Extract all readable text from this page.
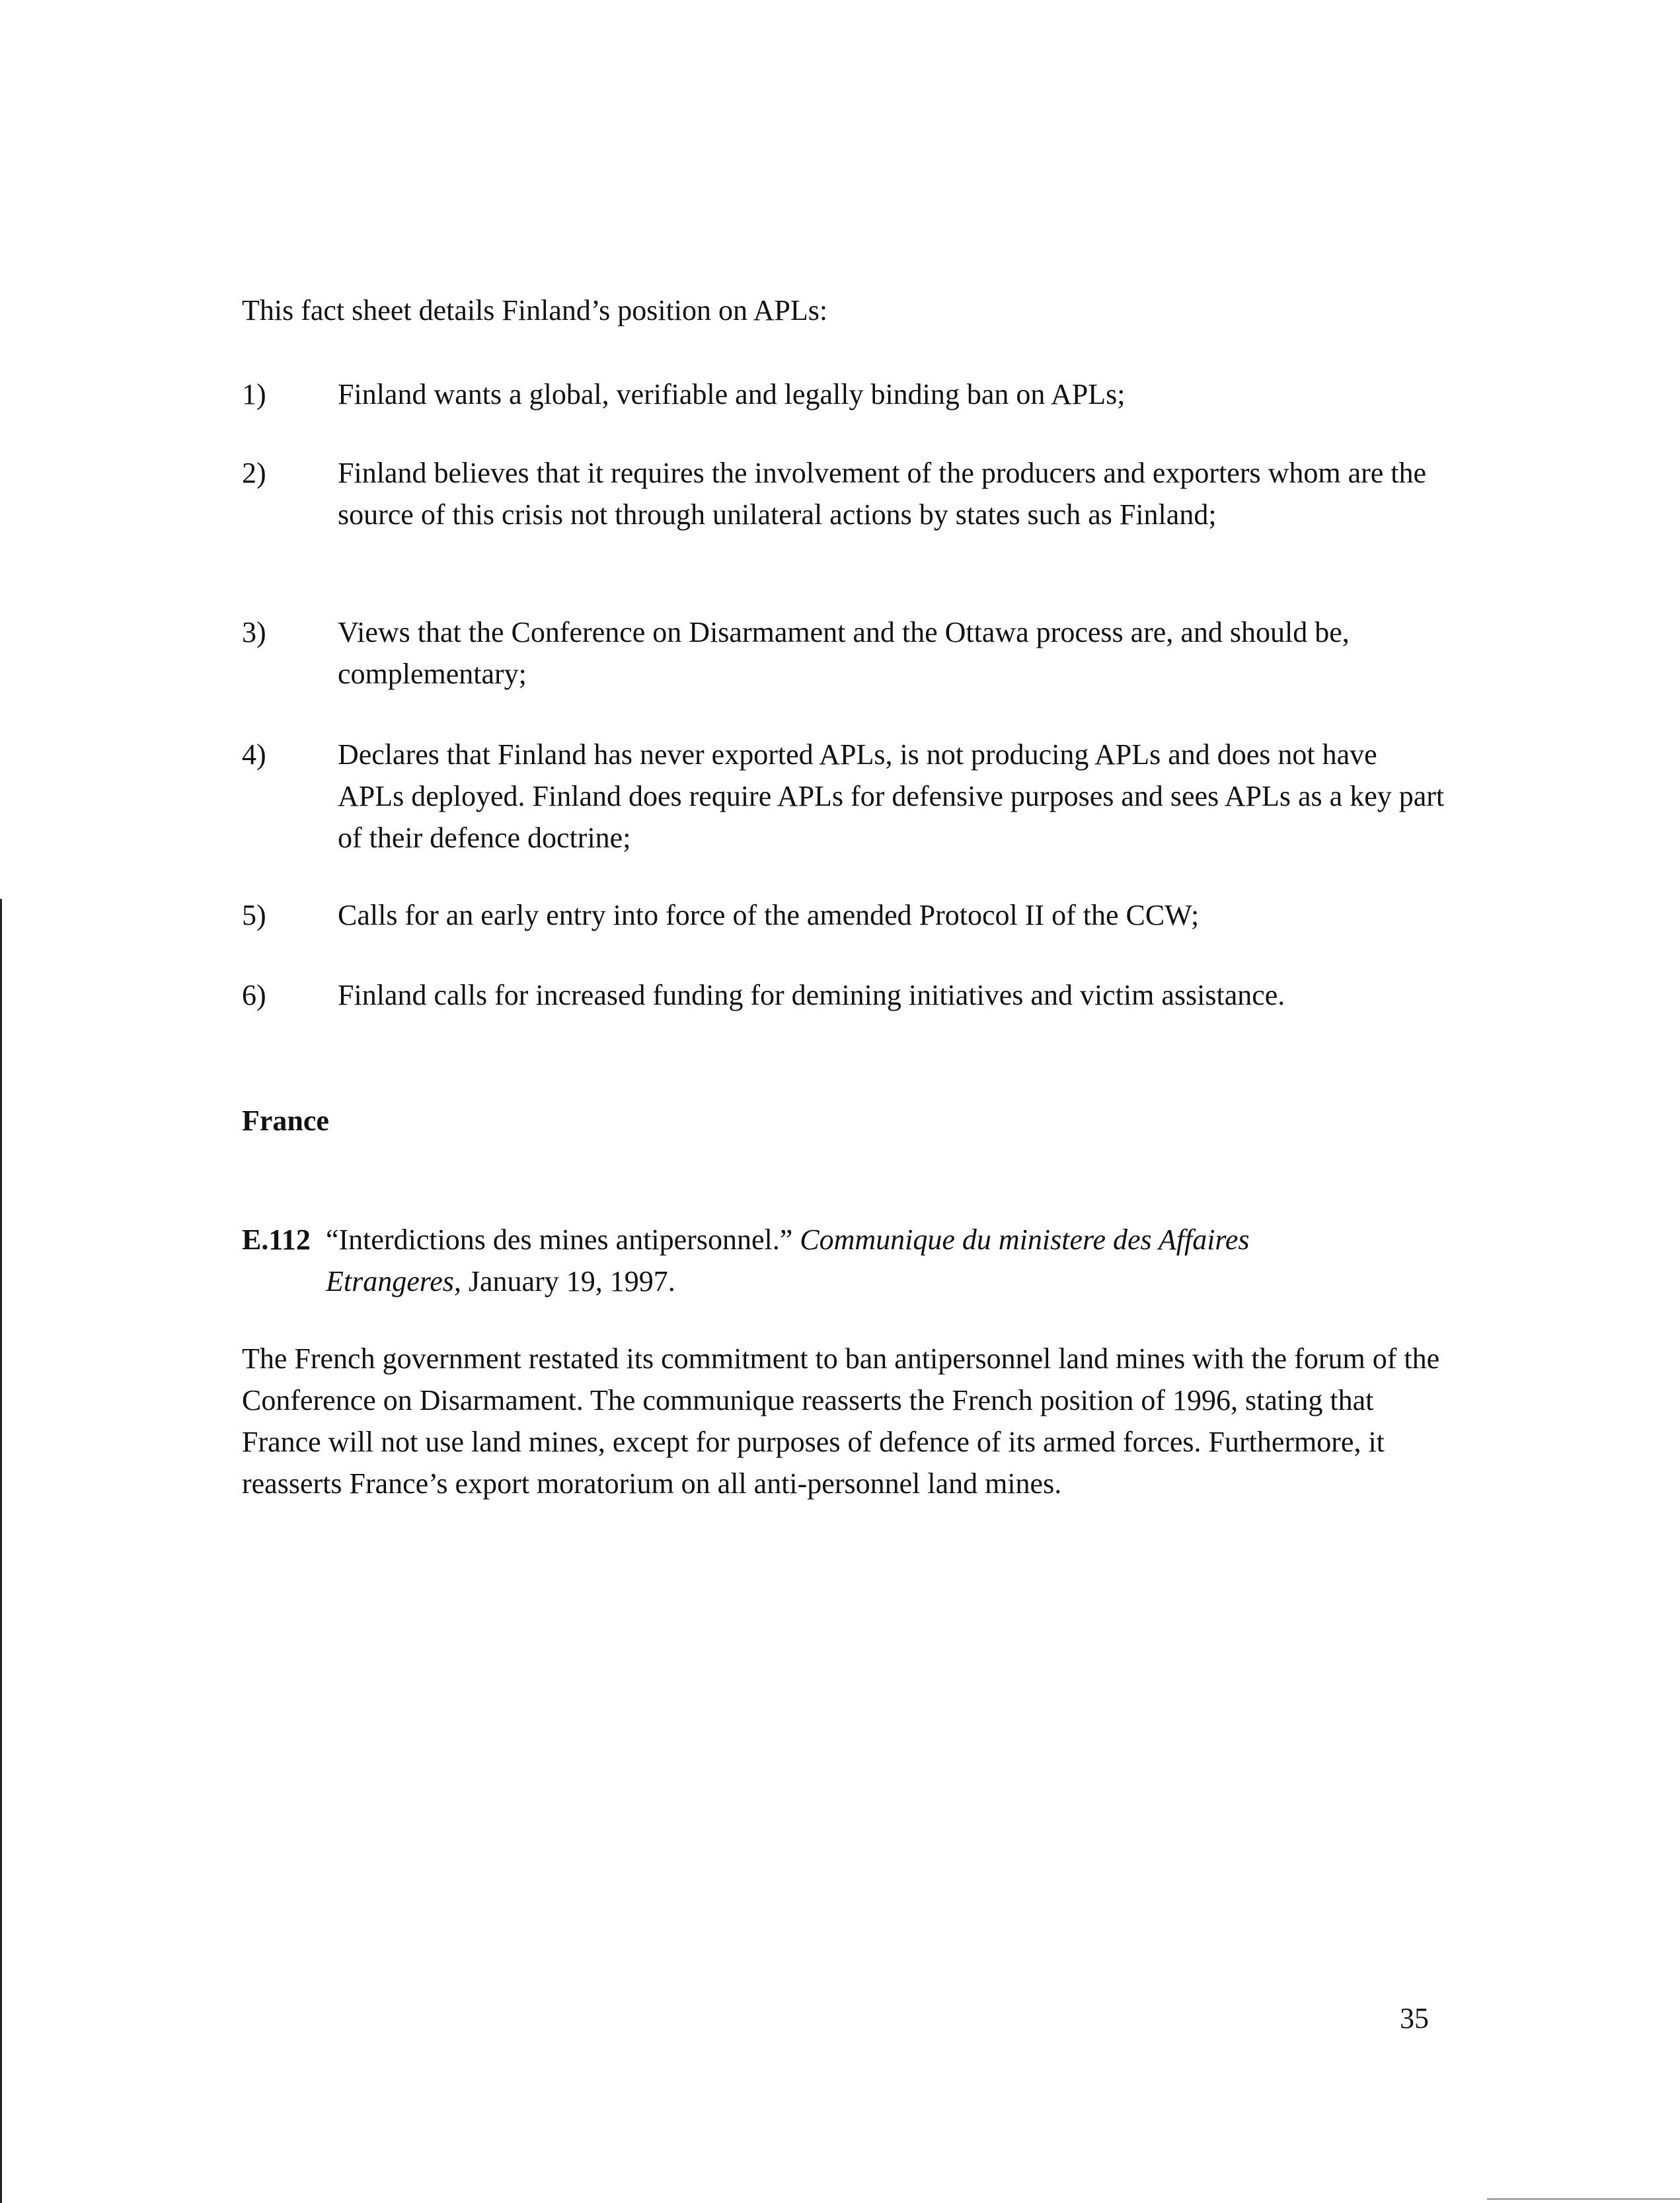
This fact sheet details Finland’s position on APLs:
1)	Finland wants a global, verifiable and legally binding ban on APLs;
2)	Finland believes that it requires the involvement of the producers and exporters whom are the source of this crisis not through unilateral actions by states such as Finland;
3)	Views that the Conference on Disarmament and the Ottawa process are, and should be, complementary;
4)	Declares that Finland has never exported APLs, is not producing APLs and does not have APLs deployed. Finland does require APLs for defensive purposes and sees APLs as a key part of their defence doctrine;
5)	Calls for an early entry into force of the amended Protocol II of the CCW;
6)	Finland calls for increased funding for demining initiatives and victim assistance.
France
E.112 “Interdictions des mines antipersonnel.” Communique du ministere des Affaires
Etrangeres, January 19, 1997.
The French government restated its commitment to ban antipersonnel land mines with the forum of the Conference on Disarmament. The communique reasserts the French position of 1996, stating that France will not use land mines, except for purposes of defence of its armed forces. Furthermore, it reasserts France’s export moratorium on all anti-personnel land mines.
35
